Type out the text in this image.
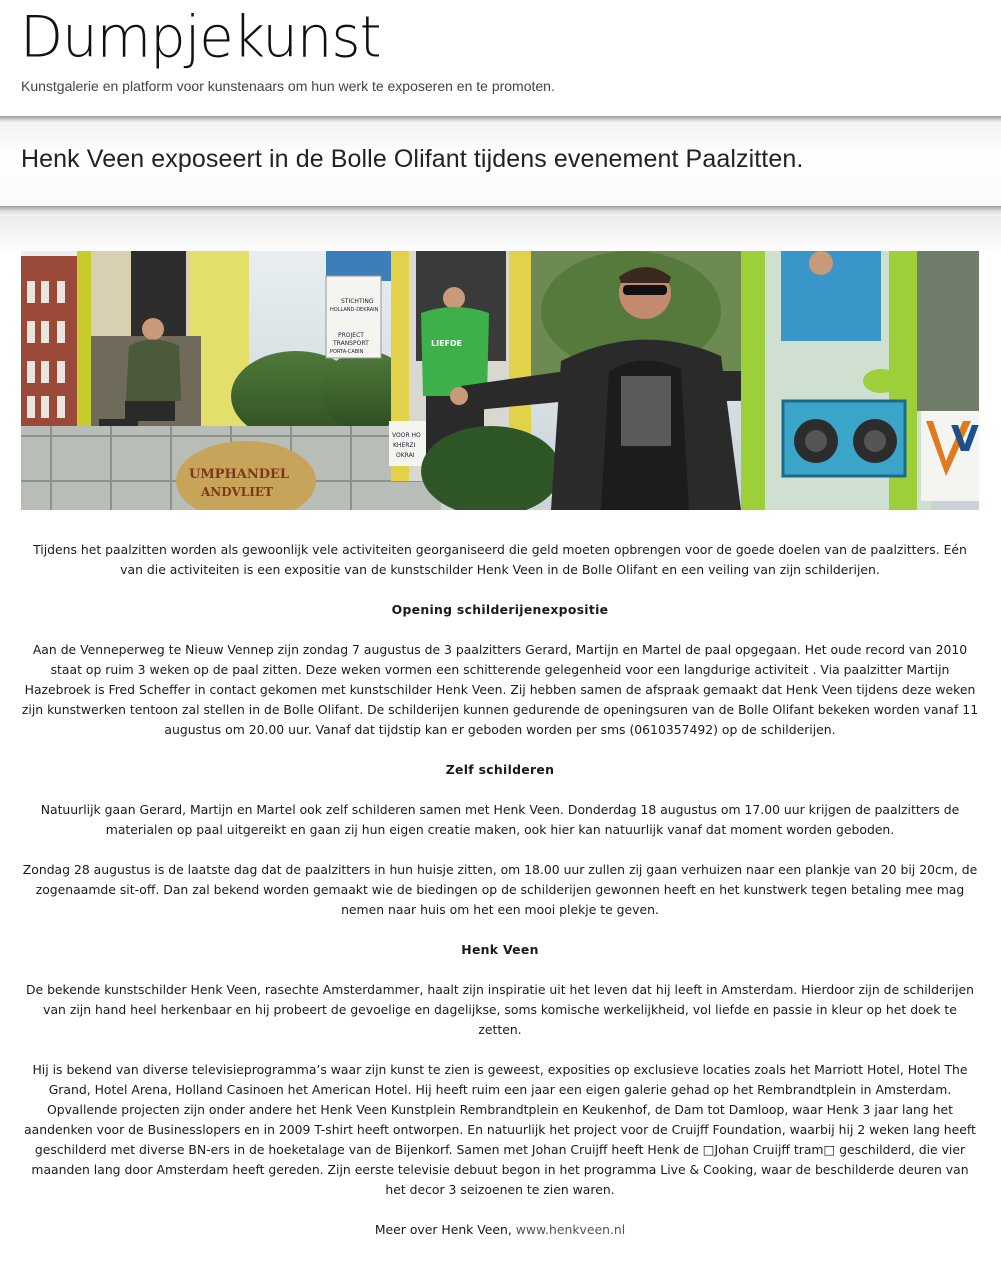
Dumpjekunst

Kunstgalerie en platform voor kunstenaars om hun werk te exposeren en te promoten.

Henk Veen exposeert in de Bolle Olifant tijdens evenement Paalzitten.
UMPHANDEL
ANDVLIET
STICHTING
HOLLAND-DEKRAIN
PROJECT
TRANSPORT
PORTA-CABIN
VOOR HO
KHERZI
OKRAI
LIEFDE
V

Tijdens het paalzitten worden als gewoonlijk vele activiteiten georganiseerd die geld moeten opbrengen voor de goede doelen van de paalzitters. Eén van die activiteiten is een expositie van de kunstschilder Henk Veen in de Bolle Olifant en een veiling van zijn schilderijen.

Opening schilderijenexpositie

Aan de Venneperweg te Nieuw Vennep zijn zondag 7 augustus de 3 paalzitters Gerard, Martijn en Martel de paal opgegaan. Het oude record van 2010 staat op ruim 3 weken op de paal zitten. Deze weken vormen een schitterende gelegenheid voor een langdurige activiteit . Via paalzitter Martijn Hazebroek is Fred Scheffer in contact gekomen met kunstschilder Henk Veen. Zij hebben samen de afspraak gemaakt dat Henk Veen tijdens deze weken zijn kunstwerken tentoon zal stellen in de Bolle Olifant. De schilderijen kunnen gedurende de openingsuren van de Bolle Olifant bekeken worden vanaf 11 augustus om 20.00 uur. Vanaf dat tijdstip kan er geboden worden per sms (0610357492) op de schilderijen.

Zelf schilderen

Natuurlijk gaan Gerard, Martijn en Martel ook zelf schilderen samen met Henk Veen. Donderdag 18 augustus om 17.00 uur krijgen de paalzitters de materialen op paal uitgereikt en gaan zij hun eigen creatie maken, ook hier kan natuurlijk vanaf dat moment worden geboden.

Zondag 28 augustus is de laatste dag dat de paalzitters in hun huisje zitten, om 18.00 uur zullen zij gaan verhuizen naar een plankje van 20 bij 20cm, de zogenaamde sit-off. Dan zal bekend worden gemaakt wie de biedingen op de schilderijen gewonnen heeft en het kunstwerk tegen betaling mee mag nemen naar huis om het een mooi plekje te geven.

Henk Veen

De bekende kunstschilder Henk Veen, rasechte Amsterdammer, haalt zijn inspiratie uit het leven dat hij leeft in Amsterdam. Hierdoor zijn de schilderijen van zijn hand heel herkenbaar en hij probeert de gevoelige en dagelijkse, soms komische werkelijkheid, vol liefde en passie in kleur op het doek te zetten.

Hij is bekend van diverse televisieprogramma’s waar zijn kunst te zien is geweest, exposities op exclusieve locaties zoals het Marriott Hotel, Hotel The Grand, Hotel Arena, Holland Casinoen het American Hotel. Hij heeft ruim een jaar een eigen galerie gehad op het Rembrandtplein in Amsterdam. Opvallende projecten zijn onder andere het Henk Veen Kunstplein Rembrandtplein en Keukenhof, de Dam tot Damloop, waar Henk 3 jaar lang het aandenken voor de Businesslopers en in 2009 T-shirt heeft ontworpen. En natuurlijk het project voor de Cruijff Foundation, waarbij hij 2 weken lang heeft geschilderd met diverse BN-ers in de hoeketalage van de Bijenkorf. Samen met Johan Cruijff heeft Henk de □Johan Cruijff tram□ geschilderd, die vier maanden lang door Amsterdam heeft gereden. Zijn eerste televisie debuut begon in het programma Live & Cooking, waar de beschilderde deuren van het decor 3 seizoenen te zien waren.

Meer over Henk Veen, www.henkveen.nl
